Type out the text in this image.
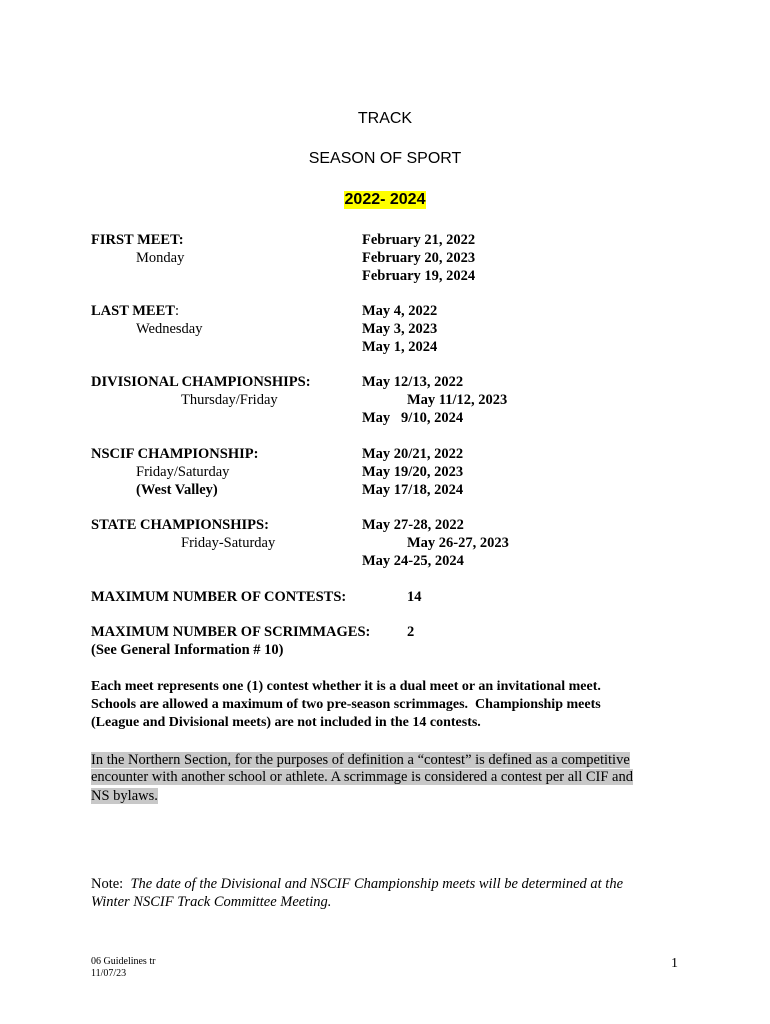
TRACK
SEASON OF SPORT
2022- 2024
FIRST MEET:
Monday
February 21, 2022
February 20, 2023
February 19, 2024
LAST MEET:
Wednesday
May 4, 2022
May 3, 2023
May 1, 2024
DIVISIONAL CHAMPIONSHIPS:
Thursday/Friday
May 12/13, 2022
May 11/12, 2023
May   9/10, 2024
NSCIF CHAMPIONSHIP:
Friday/Saturday
(West Valley)
May 20/21, 2022
May 19/20, 2023
May 17/18, 2024
STATE CHAMPIONSHIPS:
Friday-Saturday
May 27-28, 2022
May 26-27, 2023
May 24-25, 2024
MAXIMUM NUMBER OF CONTESTS:	14
MAXIMUM NUMBER OF SCRIMMAGES:	2
(See General Information # 10)
Each meet represents one (1) contest whether it is a dual meet or an invitational meet.
Schools are allowed a maximum of two pre-season scrimmages.  Championship meets
(League and Divisional meets) are not included in the 14 contests.
In the Northern Section, for the purposes of definition a “contest” is defined as a competitive
encounter with another school or athlete. A scrimmage is considered a contest per all CIF and
NS bylaws.
Note:  The date of the Divisional and NSCIF Championship meets will be determined at the
Winter NSCIF Track Committee Meeting.
06 Guidelines tr
11/07/23
1
